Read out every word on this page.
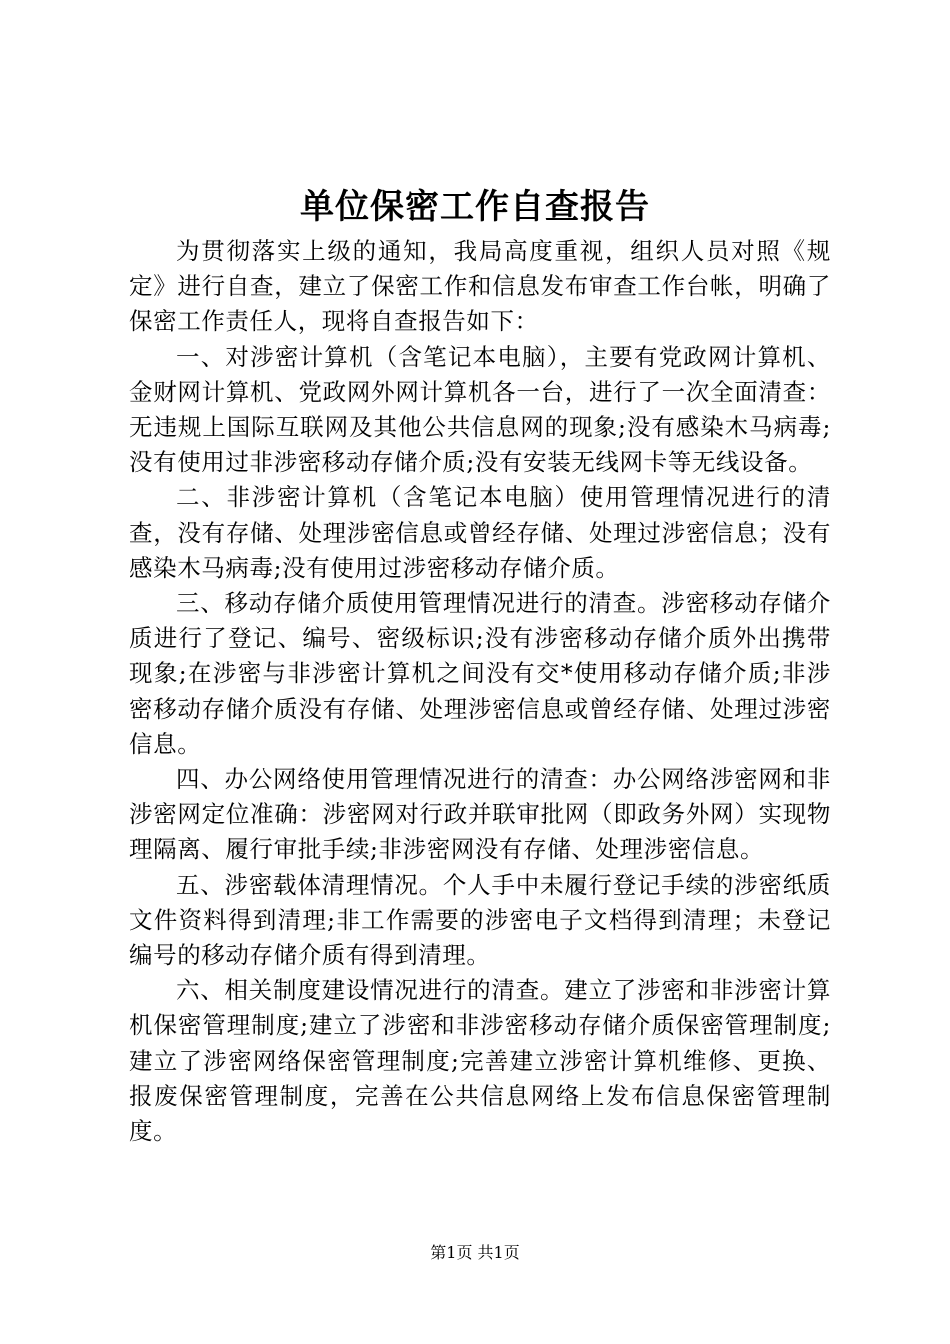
单位保密工作自查报告

为贯彻落实上级的通知，我局高度重视，组织人员对照《规定》进行自查，建立了保密工作和信息发布审查工作台帐，明确了保密工作责任人，现将自查报告如下：

一、对涉密计算机（含笔记本电脑），主要有党政网计算机、金财网计算机、党政网外网计算机各一台，进行了一次全面清查：无违规上国际互联网及其他公共信息网的现象;没有感染木马病毒;没有使用过非涉密移动存储介质;没有安装无线网卡等无线设备。

二、非涉密计算机（含笔记本电脑）使用管理情况进行的清查，没有存储、处理涉密信息或曾经存储、处理过涉密信息；没有感染木马病毒;没有使用过涉密移动存储介质。

三、移动存储介质使用管理情况进行的清查。涉密移动存储介质进行了登记、编号、密级标识;没有涉密移动存储介质外出携带现象;在涉密与非涉密计算机之间没有交*使用移动存储介质;非涉密移动存储介质没有存储、处理涉密信息或曾经存储、处理过涉密信息。

四、办公网络使用管理情况进行的清查：办公网络涉密网和非涉密网定位准确：涉密网对行政并联审批网（即政务外网）实现物理隔离、履行审批手续;非涉密网没有存储、处理涉密信息。

五、涉密载体清理情况。个人手中未履行登记手续的涉密纸质文件资料得到清理;非工作需要的涉密电子文档得到清理；未登记编号的移动存储介质有得到清理。

六、相关制度建设情况进行的清查。建立了涉密和非涉密计算机保密管理制度;建立了涉密和非涉密移动存储介质保密管理制度;建立了涉密网络保密管理制度;完善建立涉密计算机维修、更换、报废保密管理制度，完善在公共信息网络上发布信息保密管理制度。

第1页 共1页
